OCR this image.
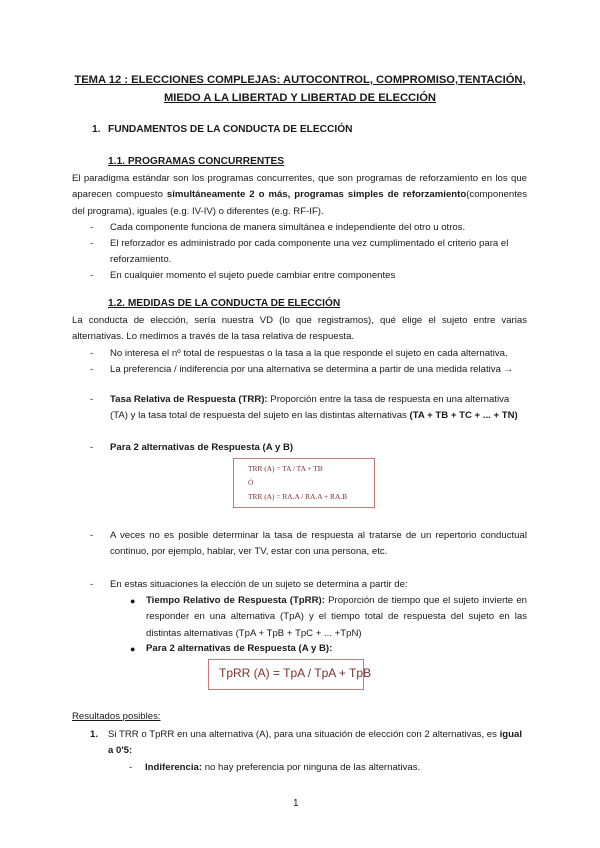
TEMA 12 : ELECCIONES COMPLEJAS: AUTOCONTROL, COMPROMISO,TENTACIÓN,
MIEDO A LA LIBERTAD Y LIBERTAD DE ELECCIÓN
1. FUNDAMENTOS DE LA CONDUCTA DE ELECCIÓN
1.1. PROGRAMAS CONCURRENTES
El paradigma estándar son los programas concurrentes, que son programas de reforzamiento en los que aparecen compuesto simultáneamente 2 o más, programas simples de reforzamiento(componentes del programa), iguales (e.g. IV-IV) o diferentes (e.g. RF-IF).
- Cada componente funciona de manera simultánea e independiente del otro u otros.
- El reforzador es administrado por cada componente una vez cumplimentado el criterio para el reforzamiento.
- En cualquier momento el sujeto puede cambiar entre componentes
1.2. MEDIDAS DE LA CONDUCTA DE ELECCIÓN
La conducta de elección, sería nuestra VD (lo que registramos), qué elige el sujeto entre varias alternativas. Lo medimos a través de la tasa relativa de respuesta.
- No interesa el nº total de respuestas o la tasa a la que responde el sujeto en cada alternativa.
- La preferencia / indiferencia por una alternativa se determina a partir de una medida relativa →
- Tasa Relativa de Respuesta (TRR): Proporción entre la tasa de respuesta en una alternativa (TA) y la tasa total de respuesta del sujeto en las distintas alternativas (TA + TB + TC + ... + TN)
- Para 2 alternativas de Respuesta (A y B)
TRR (A) = TA / TA + TB
Ó
TRR (A) = RA.A / RA.A + RA.B
- A veces no es posible determinar la tasa de respuesta al tratarse de un repertorio conductual continuo, por ejemplo, hablar, ver TV, estar con una persona, etc.
- En estas situaciones la elección de un sujeto se determina a partir de:
● Tiempo Relativo de Respuesta (TpRR): Proporción de tiempo que el sujeto invierte en responder en una alternativa (TpA) y el tiempo total de respuesta del sujeto en las distintas alternativas (TpA + TpB + TpC + ... +TpN)
● Para 2 alternativas de Respuesta (A y B):
TpRR (A) = TpA / TpA + TpB
Resultados posibles:
1. Si TRR o TpRR en una alternativa (A), para una situación de elección con 2 alternativas, es igual a 0'5:
- Indiferencia: no hay preferencia por ninguna de las alternativas.
1
